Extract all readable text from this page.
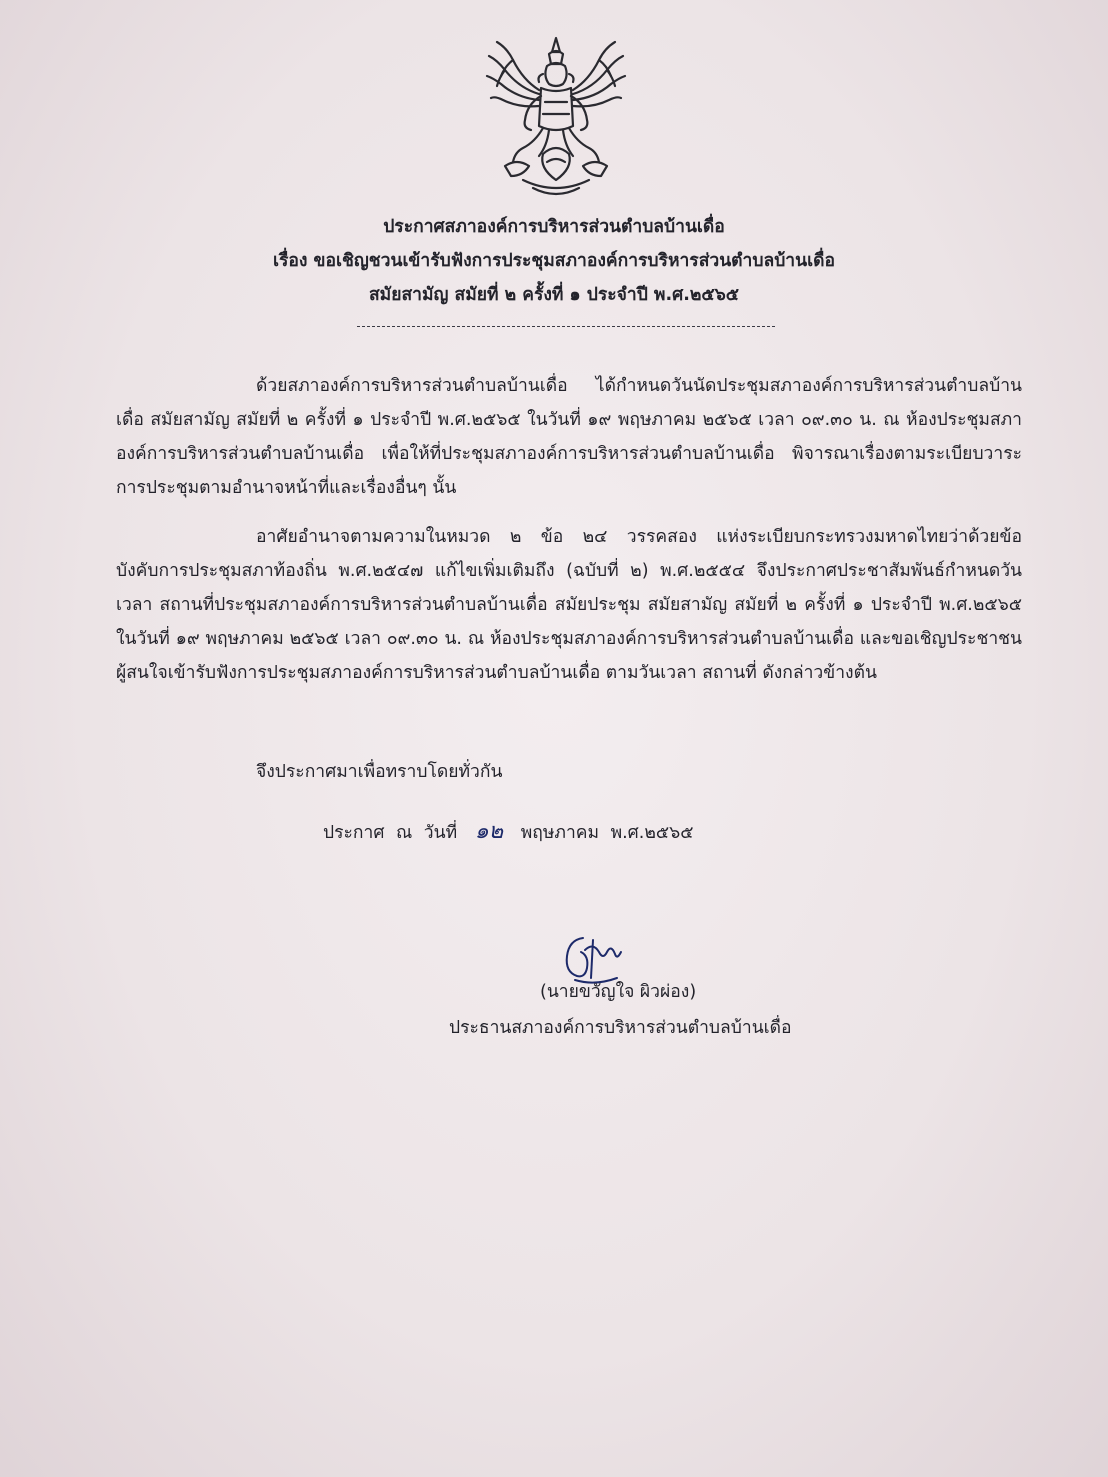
ประกาศสภาองค์การบริหารส่วนตำบลบ้านเดื่อ
เรื่อง ขอเชิญชวนเข้ารับฟังการประชุมสภาองค์การบริหารส่วนตำบลบ้านเดื่อ
สมัยสามัญ สมัยที่ ๒ ครั้งที่ ๑ ประจำปี พ.ศ.๒๕๖๕
ด้วยสภาองค์การบริหารส่วนตำบลบ้านเดื่อ ได้กำหนดวันนัดประชุมสภาองค์การบริหารส่วนตำบลบ้านเดื่อ สมัยสามัญ สมัยที่ ๒ ครั้งที่ ๑ ประจำปี พ.ศ.๒๕๖๕ ในวันที่ ๑๙ พฤษภาคม ๒๕๖๕ เวลา ๐๙.๓๐ น. ณ ห้องประชุมสภาองค์การบริหารส่วนตำบลบ้านเดื่อ เพื่อให้ที่ประชุมสภาองค์การบริหารส่วนตำบลบ้านเดื่อ พิจารณาเรื่องตามระเบียบวาระการประชุมตามอำนาจหน้าที่และเรื่องอื่นๆ นั้น
อาศัยอำนาจตามความในหมวด ๒ ข้อ ๒๔ วรรคสอง แห่งระเบียบกระทรวงมหาดไทยว่าด้วยข้อบังคับการประชุมสภาท้องถิ่น พ.ศ.๒๕๔๗ แก้ไขเพิ่มเติมถึง (ฉบับที่ ๒) พ.ศ.๒๕๕๔ จึงประกาศประชาสัมพันธ์กำหนดวัน เวลา สถานที่ประชุมสภาองค์การบริหารส่วนตำบลบ้านเดื่อ สมัยประชุม สมัยสามัญ สมัยที่ ๒ ครั้งที่ ๑ ประจำปี พ.ศ.๒๕๖๕ ในวันที่ ๑๙ พฤษภาคม ๒๕๖๕ เวลา ๐๙.๓๐ น. ณ ห้องประชุมสภาองค์การบริหารส่วนตำบลบ้านเดื่อ และขอเชิญประชาชนผู้สนใจเข้ารับฟังการประชุมสภาองค์การบริหารส่วนตำบลบ้านเดื่อ ตามวันเวลา สถานที่ ดังกล่าวข้างต้น
จึงประกาศมาเพื่อทราบโดยทั่วกัน
ประกาศ ณ วันที่ ๑๒ พฤษภาคม พ.ศ.๒๕๖๕
(นายขวัญใจ ผิวผ่อง)
ประธานสภาองค์การบริหารส่วนตำบลบ้านเดื่อ
